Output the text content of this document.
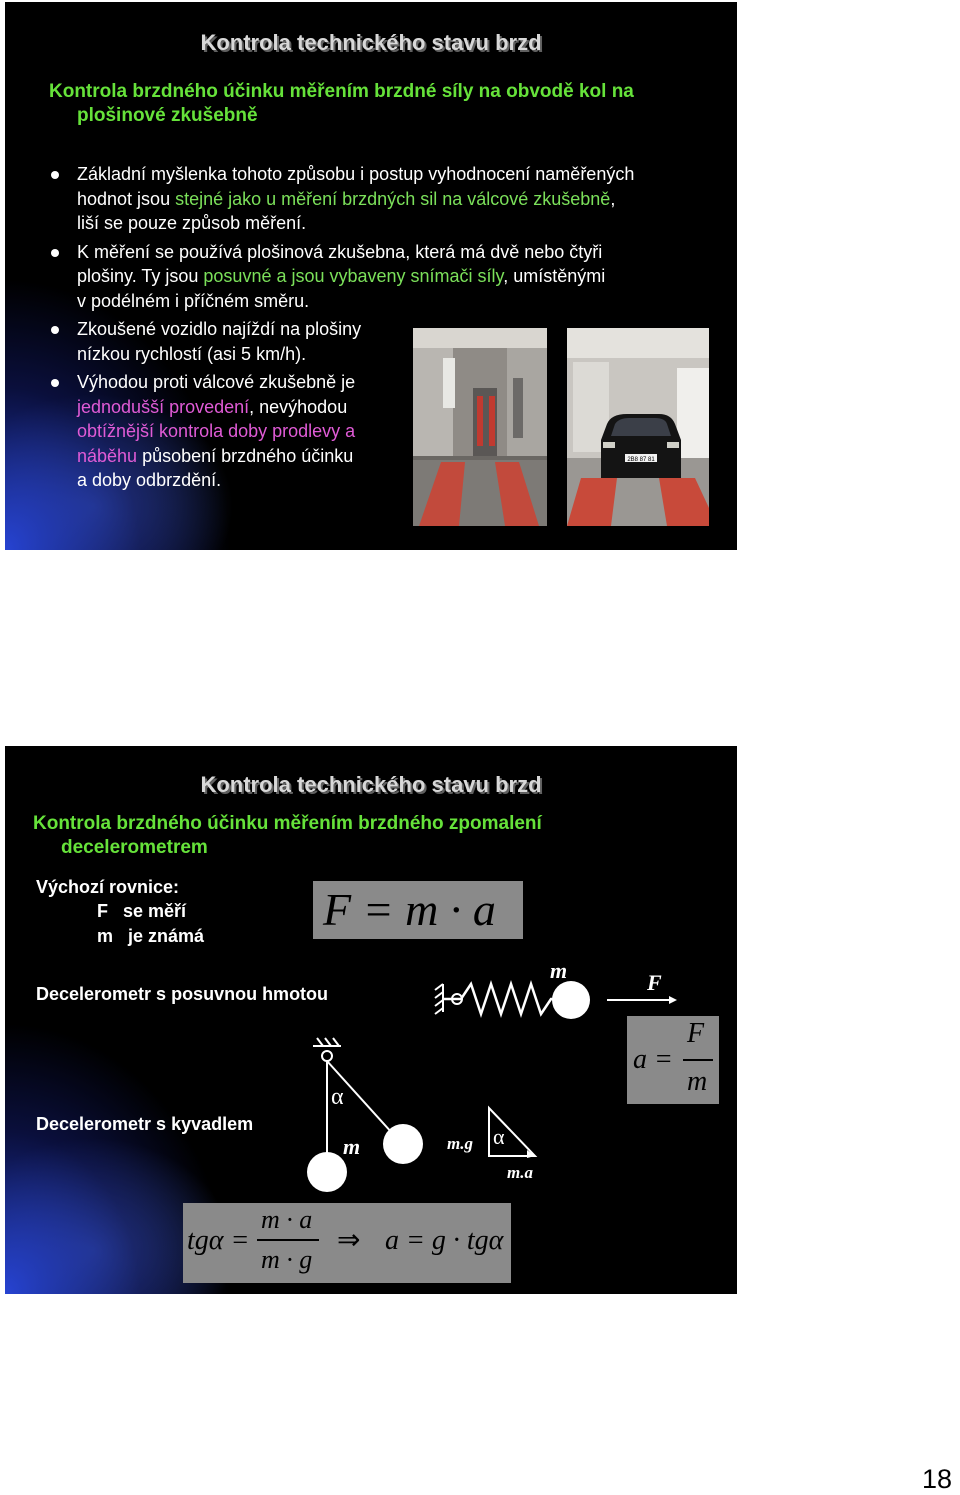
Kontrola technického stavu brzd
Kontrola brzdného účinku měřením brzdné síly na obvodě kol na
plošinové zkušebně
Základní myšlenka tohoto způsobu i postup vyhodnocení naměřených
hodnot jsou stejné jako u měření brzdných sil na válcové zkušebně,
liší se pouze způsob měření.
K měření se používá plošinová zkušebna, která má dvě nebo čtyři
plošiny. Ty jsou posuvné a jsou vybaveny snímači síly, umístěnými
v podélném i příčném směru.
Zkoušené vozidlo najíždí na plošiny
nízkou rychlostí (asi 5 km/h).
Výhodou proti válcové zkušebně je
jednodušší provedení, nevýhodou
obtížnější kontrola doby prodlevy a
náběhu působení brzdného účinku
a doby odbrzdění.
2B8 87 81
Kontrola technického stavu brzd
Kontrola brzdného účinku měřením brzdného zpomalení
decelerometrem
Výchozí rovnice:
F   se měří
m   je známá
F = m · a
Decelerometr s posuvnou hmotou
Decelerometr s kyvadlem
m	F
α
m	m.g α
m.a
a =
F
m
tgα =
m · a
m · g
⇒ a = g · tgα
18
